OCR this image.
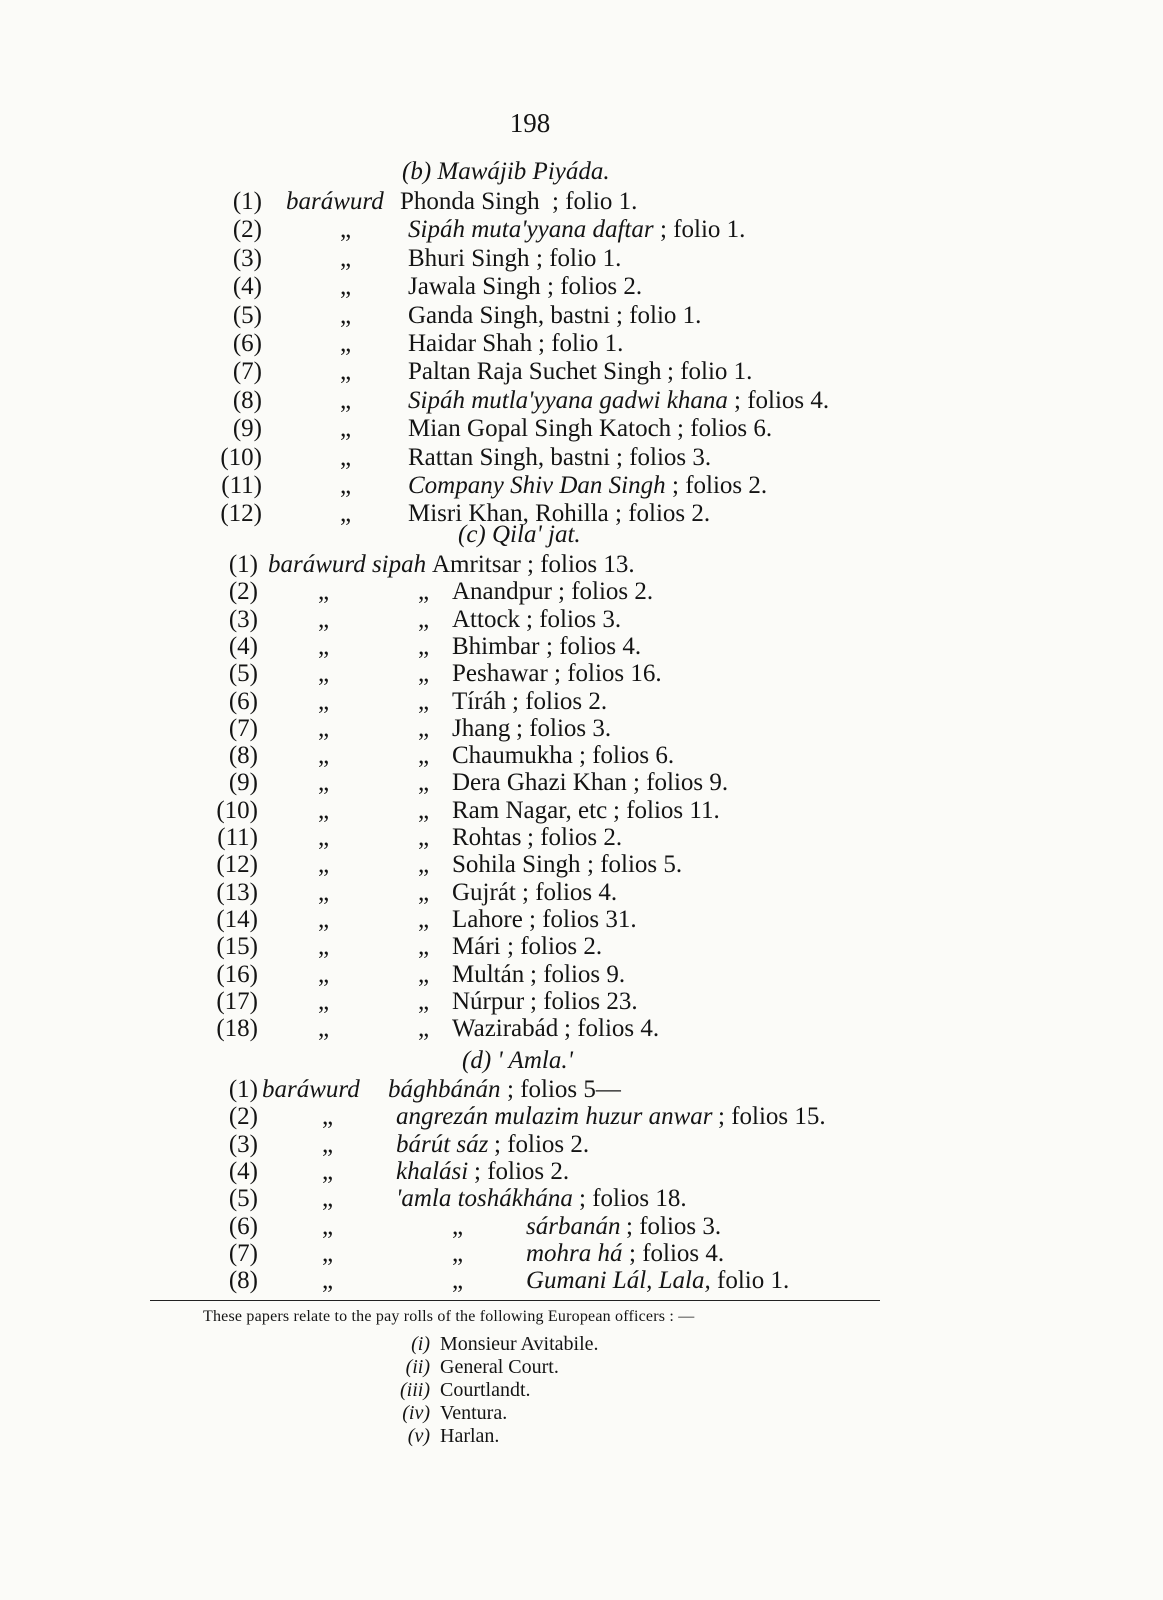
198
(b) Mawájib Piyáda.
(1) baráwurd Phonda Singh ; folio 1.
(2)	„ Sipáh muta'yyana daftar ; folio 1.
(3)	„ Bhuri Singh ; folio 1.
(4)	„ Jawala Singh ; folios 2.
(5)	„ Ganda Singh, bastni ; folio 1.
(6)	„ Haidar Shah ; folio 1.
(7)	„ Paltan Raja Suchet Singh ; folio 1.
(8)	„ Sipáh mutla'yyana gadwi khana ; folios 4.
(9)	„ Mian Gopal Singh Katoch ; folios 6.
(10)	„ Rattan Singh, bastni ; folios 3.
(11)	„ Company Shiv Dan Singh ; folios 2.
(12)	„ Misri Khan, Rohilla ; folios 2.
(c) Qila' jat.
(1) baráwurd sipah Amritsar ; folios 13.
(2) „	„ Anandpur ; folios 2.
(3) „	„ Attock ; folios 3.
(4) „	„ Bhimbar ; folios 4.
(5) „	„ Peshawar ; folios 16.
(6) „	„ Tíráh ; folios 2.
(7) „	„ Jhang ; folios 3.
(8) „	„ Chaumukha ; folios 6.
(9) „	„ Dera Ghazi Khan ; folios 9.
(10) „	„ Ram Nagar, etc ; folios 11.
(11) „	„ Rohtas ; folios 2.
(12) „	„ Sohila Singh ; folios 5.
(13) „	„ Gujrát ; folios 4.
(14) „	„ Lahore ; folios 31.
(15) „	„ Mári ; folios 2.
(16) „	„ Multán ; folios 9.
(17) „	„ Núrpur ; folios 23.
(18) „	„ Wazirabád ; folios 4.
(d) ' Amla.'
(1) baráwurd bághbánán ; folios 5—
(2)	„	angrezán mulazim huzur anwar ; folios 15.
(3)	„	bárút sáz ; folios 2.
(4)	„	khalási ; folios 2.
(5)	„	'amla toshákhána ; folios 18.
(6)	„	„	sárbanán ; folios 3.
(7)	„	„	mohra há ; folios 4.
(8)	„	„	Gumani Lál, Lala, folio 1.
These papers relate to the pay rolls of the following European officers : —
(i) Monsieur Avitabile.
(ii) General Court.
(iii) Courtlandt.
(iv) Ventura.
(v) Harlan.
